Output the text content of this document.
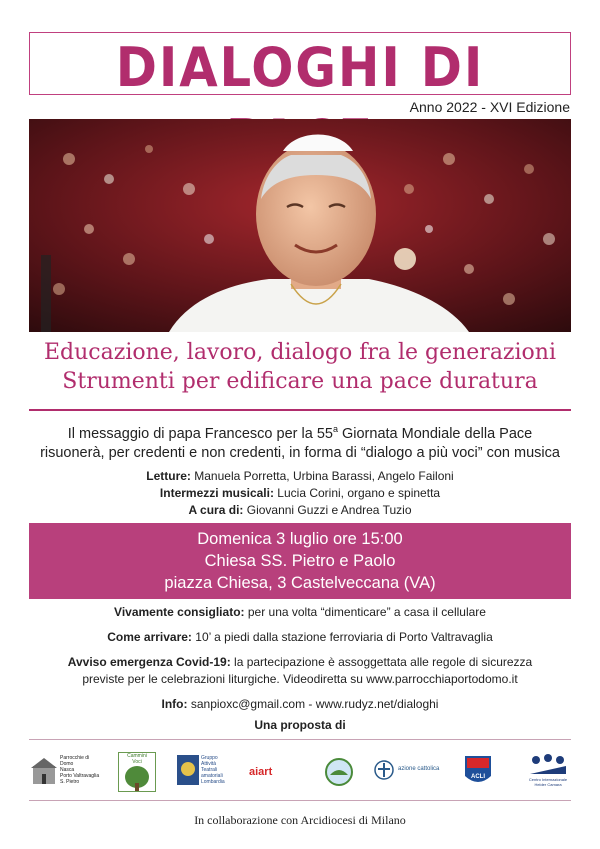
DIALOGHI DI
Anno 2022 - XVI Edizione
Educazione, lavoro, dialogo fra le generazioni
Strumenti per edificare una pace duratura
Il messaggio di papa Francesco per la 55$^a$ Giornata Mondiale della Pace
risuonerà, per credenti e non credenti, in forma di “dialogo a più voci” con musica
Letture: Manuela Porretta, Urbina Barassi, Angelo Failoni
Intermezzi musicali: Lucia Corini, organo e spinetta
A cura di: Giovanni Guzzi e Andrea Tuzio
Domenica 3 luglio ore 15:00
Chiesa SS. Pietro e Paolo
piazza Chiesa, 3 Castelveccana (VA)

Vivamente consigliato: per una volta “dimenticare” a casa il cellulare

Come arrivare: 10’ a piedi dalla stazione ferroviaria di Porto Valtravaglia

Avviso emergenza Covid-19: la partecipazione è assoggettata alle regole di sicurezza
previste per le celebrazioni liturgiche. Videodiretta su www.parrocchiaportodomo.it

Info: sanpioxc@gmail.com - www.rudyz.net/dialoghi

Una proposta di
Parrocchie di
Domo
Nasca
Porto Valtravaglia
S. Pietro
Cammini
Voci
Gruppo
Attività
Teatrali
amatoriali
Lombardia
aiart	azione cattolica
ACLI	Centro Internazionale
Helder Camara
In collaborazione con Arcidiocesi di Milano
